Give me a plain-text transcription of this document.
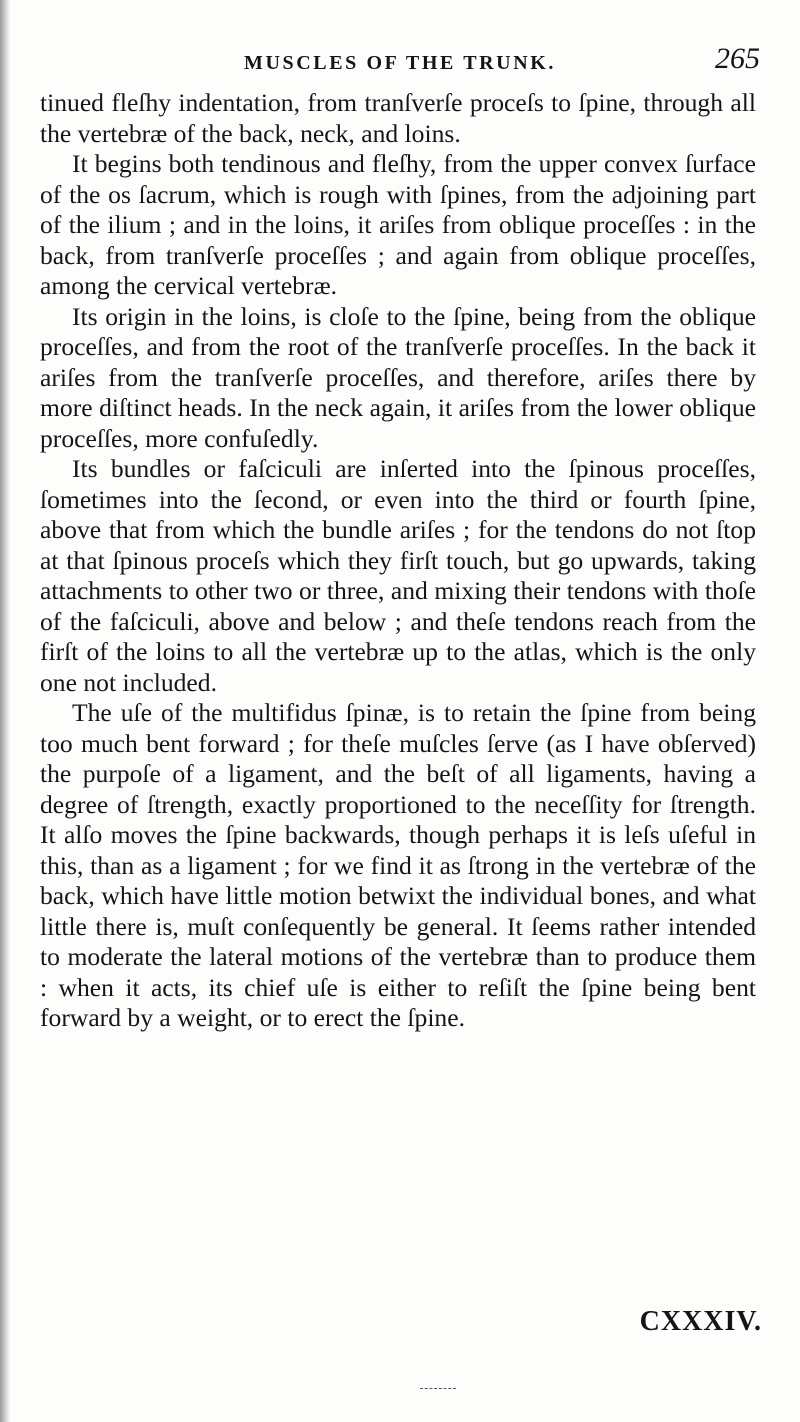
MUSCLES OF THE TRUNK.	265

tinued fleſhy indentation, from tranſverſe proceſs to ſpine, through all the vertebræ of the back, neck, and loins.

It begins both tendinous and fleſhy, from the upper convex ſurface of the os ſacrum, which is rough with ſpines, from the adjoining part of the ilium ; and in the loins, it ariſes from oblique proceſſes : in the back, from tranſverſe proceſſes ; and again from oblique proceſſes, among the cervical vertebræ.

Its origin in the loins, is cloſe to the ſpine, being from the oblique proceſſes, and from the root of the tranſverſe proceſſes. In the back it ariſes from the tranſverſe proceſſes, and therefore, ariſes there by more diſtinct heads. In the neck again, it ariſes from the lower oblique proceſſes, more confuſedly.

Its bundles or faſciculi are inſerted into the ſpinous proceſſes, ſometimes into the ſecond, or even into the third or fourth ſpine, above that from which the bundle ariſes ; for the tendons do not ſtop at that ſpinous proceſs which they firſt touch, but go upwards, taking attachments to other two or three, and mixing their tendons with thoſe of the faſciculi, above and below ; and theſe tendons reach from the firſt of the loins to all the vertebræ up to the atlas, which is the only one not included.

The uſe of the multifidus ſpinæ, is to retain the ſpine from being too much bent forward ; for theſe muſcles ſerve (as I have obſerved) the purpoſe of a ligament, and the beſt of all ligaments, having a degree of ſtrength, exactly proportioned to the neceſſity for ſtrength. It alſo moves the ſpine backwards, though perhaps it is leſs uſeful in this, than as a ligament ; for we find it as ſtrong in the vertebræ of the back, which have little motion betwixt the individual bones, and what little there is, muſt conſequently be general. It ſeems rather intended to moderate the lateral motions of the vertebræ than to produce them : when it acts, its chief uſe is either to reſiſt the ſpine being bent forward by a weight, or to erect the ſpine.

CXXXIV.
